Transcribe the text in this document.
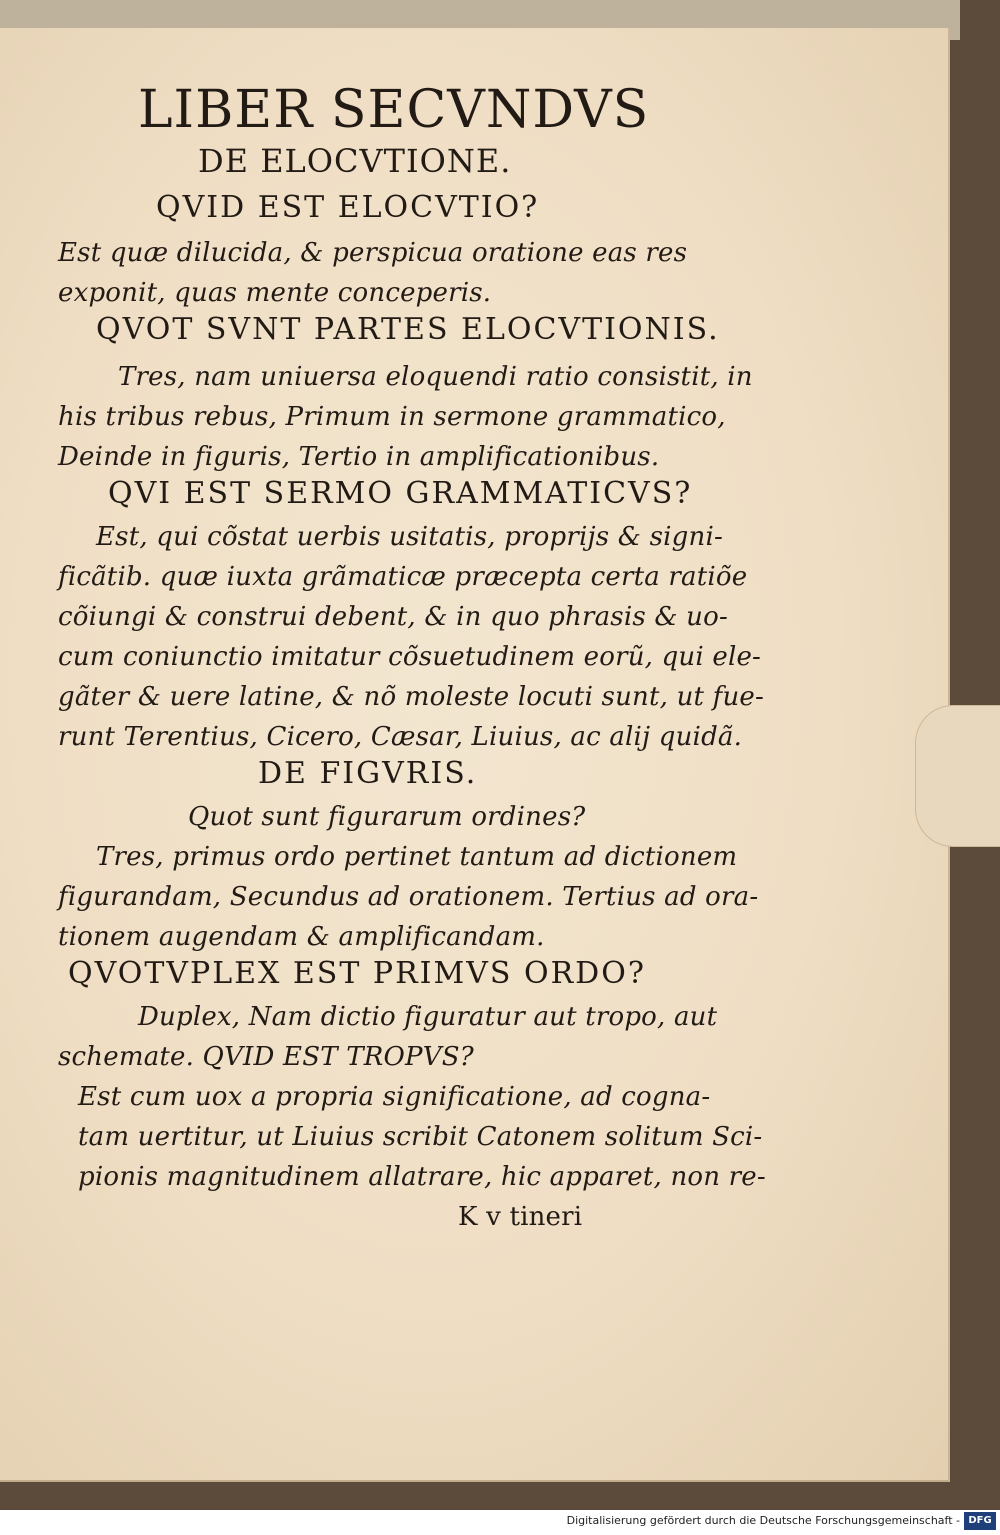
LIBER SECVNDVS
DE ELOCVTIONE.
QVID EST ELOCVTIO?
Est quæ dilucida, & perspicua oratione eas res
exponit, quas mente conceperis.
QVOT SVNT PARTES ELOCVTIONIS.
Tres, nam uniuersa eloquendi ratio consistit, in
his tribus rebus, Primum in sermone grammatico,
Deinde in figuris, Tertio in amplificationibus.
QVI EST SERMO GRAMMATICVS?
Est, qui cõstat uerbis usitatis, proprijs & signi-
ficãtib. quæ iuxta grãmaticæ præcepta certa ratiõe
cõiungi & construi debent, & in quo phrasis & uo-
cum coniunctio imitatur cõsuetudinem eorũ, qui ele-
gãter & uere latine, & nõ moleste locuti sunt, ut fue-
runt Terentius, Cicero, Cæsar, Liuius, ac alij quidã.
DE FIGVRIS.
Quot sunt figurarum ordines?
Tres, primus ordo pertinet tantum ad dictionem
figurandam, Secundus ad orationem. Tertius ad ora-
tionem augendam & amplificandam.
QVOTVPLEX EST PRIMVS ORDO?
Duplex, Nam dictio figuratur aut tropo, aut
schemate. QVID EST TROPVS?
Est cum uox a propria significatione, ad cogna-
tam uertitur, ut Liuius scribit Catonem solitum Sci-
pionis magnitudinem allatrare, hic apparet, non re-
K v tineri
Digitalisierung gefördert durch die Deutsche Forschungsgemeinschaft - DFG
